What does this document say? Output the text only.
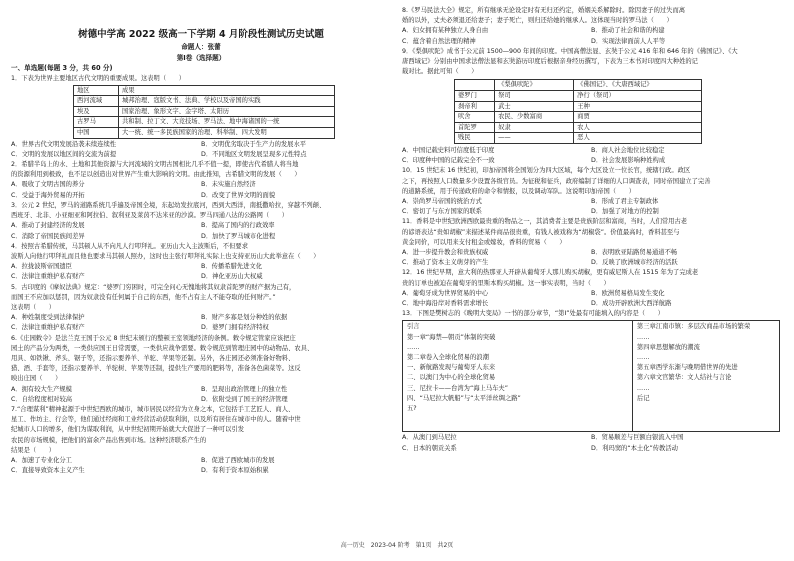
树德中学高 2022 级高一下学期 4 月阶段性测试历史试题
命题人：张蕾
第Ⅰ卷（选择题）
一、单选题(每题 3 分，共 60 分)
1．下表为世界主要地区古代文明的重要成果。这表明（　　）
地区	成果
西河流域	城邦治理、寇版文书、法典、学校以及帝国的实践
埃及	国家治理、象形文字、金字塔、太阳历
古罗马	共和制、拉丁文、大竞技场、罗马法、地中海诸国的一统
中国	大一统、统一多民族国家的治理、科举制、四大发明
A．世界古代文明发展沿袭未续连续性	B．文明优劣取决于生产力的发展水平
C．文明的发展以地区间的交流为前提	D．不同地区文明发展呈现多元性特点
2．希腊半岛上的水、土地和其他资源与大河流域的文明古国相比几乎不值一提，即使古代希腊人将当地
的资源利用到极致，也不足以创造出对世界产生重大影响的文明。由此推知，古希腊文明的发展（　　）
A．吸收了文明古国的养分	B．未实施自然经济
C．受益于海外贸易的开拓	D．改变了世界文明的面貌
3．公元 2 世纪，罗马的道路系统几乎遍及帝国全境，东起幼发拉底河，西到大西洋，南抵撒哈拉，穿越不列颠、
西班牙、北非、小亚细亚和阿拉伯、叙利亚及莱茵不达米亚的沙漠。罗马四通八达的公路网（　　）
A．推动了封建经济的发展	B．提高了国内的行政效率
C．消除了帝国民族间差异	D．加快了罗马城市化进程
4．按照古希腊传统，马其顿人从不向凡人行叩拜礼。亚历山大入主波斯后，不但要求
波斯人向他行叩拜礼而且他也要求马其顿人照办，这时也主张行叩拜礼实际上也支持亚历山大此举意在（　　）
A．拉拢波斯帝国遗臣	B．传播希腊先进文化
C．法律注重维护私有财产	D．神化亚历山大权威
5．古印度的《摩奴法典》规定：“婆罗门穷困时，可完全问心无愧地将其奴隶首陀罗的财产据为己有，
而国王不应加以惩罚，因为奴隶没有任何属于自己的东西，他不占有主人不能夺取的任何财产。”
这表明（　　）
A．种姓制度受到法律保护	B．财产多寡是划分种姓的依据
C．法律注重维护私有财产	D．婆罗门拥有经济特权
6.《庄园敕令》是法兰克王国于公元 8 世纪末颁行的整顿王室领地经济的条例。敕令规定管家应该把庄
园土的产品分为两类，一类供应国王日常需要，一类供应战争需要。敕令规范到管理庄园中的动物品、农具、
用具、如铁锹、斧头、锯子等，还指示要养羊、羊驼、苹果等还制。另外，各庄园还必须准备好物料、
猎、酒、手套等，还指示要养羊、羊驼树、苹果等还制，提供生产要用的肥料等，准备各色菌菜等。这反
映出庄园（　　）
A．拥有较大生产规模	B．呈现出政治管理上的独立性
C．自给程度相对较高	D．依附受到了国王的经济管理
7.“合理谋利”精神起源于中世纪西欧的城市，城市居民以经营为立身之本，它包括手工艺匠人、商人、
星工、作坊主、行会等，他们通过经商和工业经营活动获取利润，以及所有居住在城市中的人。随着中世
纪城市人口的增多，他们为谋取利润，从中世纪初期开始就大大促进了一种可以引发
农民的市场规模，把他们的富余产品出售到市场。这种经济联系产生的
结果是（　　）
A．加速了专业化分工	B．促进了西欧城市的发展
C．直接导致资本主义产生	D．有利于资本原始积累
8.《罗马民法大全》规定，所有继承无论设定时有无归还约定，婚姻关系解除时。除因妻子的过失而离
婚的以外，丈夫必须退还给妻子；妻子死亡，则归还给她的继承人。这体现当时的罗马法（　　）
A．妇女拥有某种独立人身自由	B．推动了社会和谐的构建
C．蕴含着自然法理的精神	D．实现法律面前人人平等
9．《梨俱吠陀》成书于公元前 1500—900 年间的印度。中国高僧法显、玄奘于公元 416 年和 646 年的《佛国记》、《大
唐西域记》分别由中国求法僧法显和玄奘游历印度后根据亲身经历撰写，下表为三本书对印度四大种姓的记
载对比。据此可知（　　）
	《梨俱吠陀》	《佛国记》、《大唐西域记》
婆罗门	祭司	净行（祭司）
刹帝利	武士	王种
吠舍	农民、少数富商	商贾
首陀罗	奴隶	农人
贱民	——	恶人
A．中国记载史料可信度低于印度	B．商人社会地位比较稳定
C．印度种中国的记载完全不一致	D．社会发展影响种姓构成
10．15 世纪末 16 世纪初，印加帝国将全国划分为四大区域，每个大区设立一位长官，统辖行政。政区
之下，再按照人口数量多少设置各级官员。为征税和征兵，政府编制了详细的人口调查表，同时帝国建立了完善
的道路系统，用于传递政府的命令和情报，以及调动军队。这说明印加帝国（　　）
A．崇尚罗马帝国的统治方式	B．形成了君主专制政体
C．密切了与东方国家的联系	D．加强了对地方的控制
11．香料是中世纪欧洲西欧最贵重的物品之一，其消费者主要是贵族阶层和富商，当时，人们常用古老
的谚语表达“贵如胡椒”来描述某件商品很贵重，有钱人被戏称为“胡椒袋”。价值最高时，香料甚至与
黄金同价，可以用来支付租金或嫁妆，香料的贸易（　　）
A．进一步提升教会和贵族权威	B．表明欧亚陆路贸易通道不畅
C．推动了资本主义萌芽的产生	D．反映了欧洲城市经济的活跃
12．16 世纪早期，意大利的热那亚人开辟从葡萄牙人那儿购买胡椒，更有威尼斯人在 1515 年为了完成老
贵的订单也被迫在葡萄牙的里斯本购买胡椒。这一事实表明，当时（　　）
A．葡萄牙成为世界贸易的中心	B．欧洲贸易格局发生变化
C．地中海沿岸对香料需求增长	D．成功开辟欧洲大西洋航路
13．下图是樊树志的《晚明大变局》一书的部分章节，“第Ⅰ”处最有可能填入的内容是（　　）
引言
第一章“海禁—朝贡”体制的突破
……
第二章卷入全球化贸易的浪潮
一、新航路发现与葡萄牙人东来
二、以澳门为中心的全球化贸易
三、尼拉卡——台湾为“海上马车夫”
四、“马尼拉大帆船”与“太平洋丝绸之路”
五?
第三章江南市镇：多层次商品市场的繁荣
……
第四章思想解放的潮流
……
第五章西学东渐与晚明借世界的先进
第六章文官繁华：文人结社与言论
……
后记
A．从澳门到马尼拉	B．贸易顺差与巨额白银流入中国
C．日本的朝贡关系	D．利玛窦的“本土化”传教活动
高一历史　2023-04 阶考　第1页　共2页
